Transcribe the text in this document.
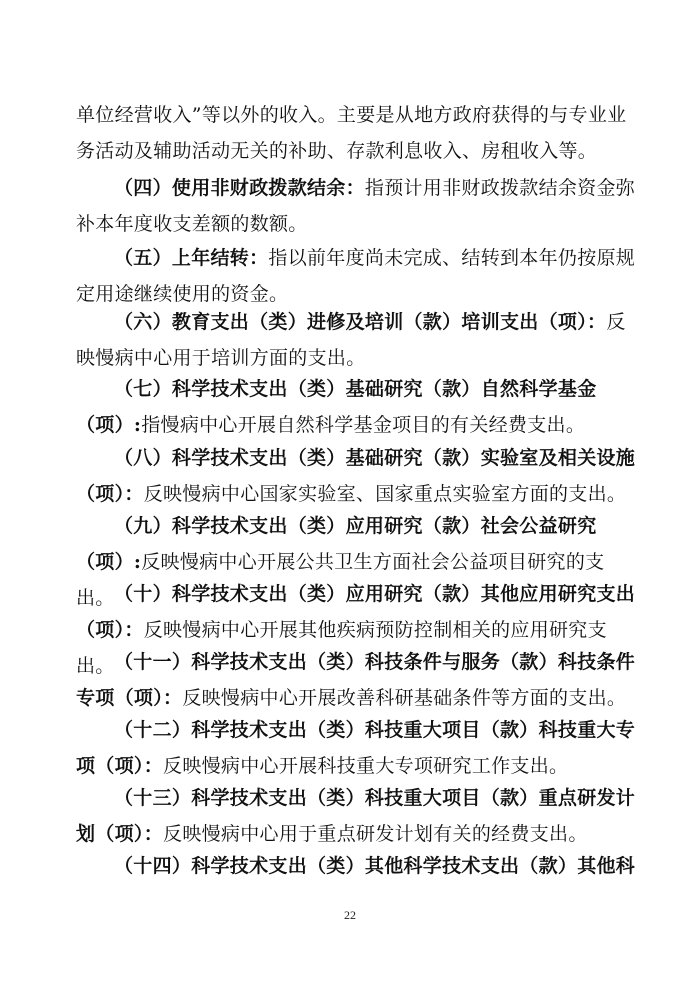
单位经营收入”等以外的收入。主要是从地方政府获得的与专业业务活动及辅助活动无关的补助、存款利息收入、房租收入等。

（四）使用非财政拨款结余：指预计用非财政拨款结余资金弥补本年度收支差额的数额。

（五）上年结转：指以前年度尚未完成、结转到本年仍按原规定用途继续使用的资金。

（六）教育支出（类）进修及培训（款）培训支出（项）：反映慢病中心用于培训方面的支出。

（七）科学技术支出（类）基础研究（款）自然科学基金（项）:指慢病中心开展自然科学基金项目的有关经费支出。

（八）科学技术支出（类）基础研究（款）实验室及相关设施（项）：反映慢病中心国家实验室、国家重点实验室方面的支出。

（九）科学技术支出（类）应用研究（款）社会公益研究（项）:反映慢病中心开展公共卫生方面社会公益项目研究的支出。 （十）科学技术支出（类）应用研究（款）其他应用研究支出（项）：反映慢病中心开展其他疾病预防控制相关的应用研究支出。 （十一）科学技术支出（类）科技条件与服务（款）科技条件专项（项）：反映慢病中心开展改善科研基础条件等方面的支出。

（十二）科学技术支出（类）科技重大项目（款）科技重大专项（项）：反映慢病中心开展科技重大专项研究工作支出。

（十三）科学技术支出（类）科技重大项目（款）重点研发计划（项）：反映慢病中心用于重点研发计划有关的经费支出。

（十四）科学技术支出（类）其他科学技术支出（款）其他科

22
